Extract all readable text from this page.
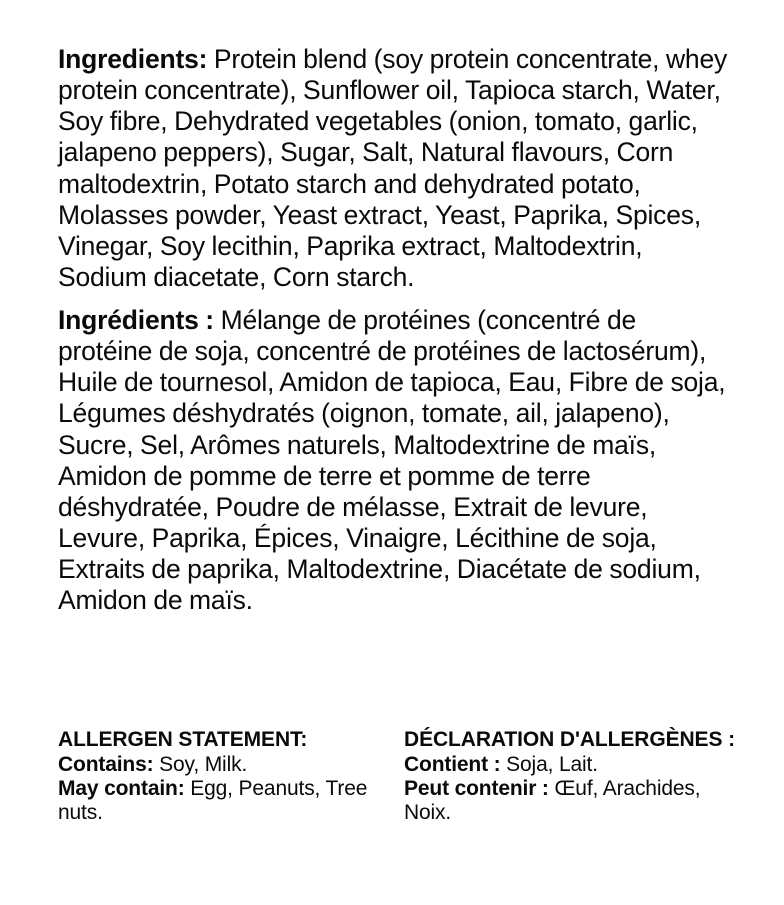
Ingredients: Protein blend (soy protein concentrate, whey protein concentrate), Sunflower oil, Tapioca starch, Water, Soy fibre, Dehydrated vegetables (onion, tomato, garlic, jalapeno peppers), Sugar, Salt, Natural flavours, Corn maltodextrin, Potato starch and dehydrated potato, Molasses powder, Yeast extract, Yeast, Paprika, Spices, Vinegar, Soy lecithin, Paprika extract, Maltodextrin, Sodium diacetate, Corn starch.

Ingrédients : Mélange de protéines (concentré de protéine de soja, concentré de protéines de lactosérum), Huile de tournesol, Amidon de tapioca, Eau, Fibre de soja, Légumes déshydratés (oignon, tomate, ail, jalapeno), Sucre, Sel, Arômes naturels, Maltodextrine de maïs, Amidon de pomme de terre et pomme de terre déshydratée, Poudre de mélasse, Extrait de levure, Levure, Paprika, Épices, Vinaigre, Lécithine de soja, Extraits de paprika, Maltodextrine, Diacétate de sodium, Amidon de maïs.

ALLERGEN STATEMENT:

Contains: Soy, Milk.

May contain: Egg, Peanuts, Tree nuts.

DÉCLARATION D'ALLERGÈNES :

Contient : Soja, Lait.

Peut contenir : Œuf, Arachides, Noix.
